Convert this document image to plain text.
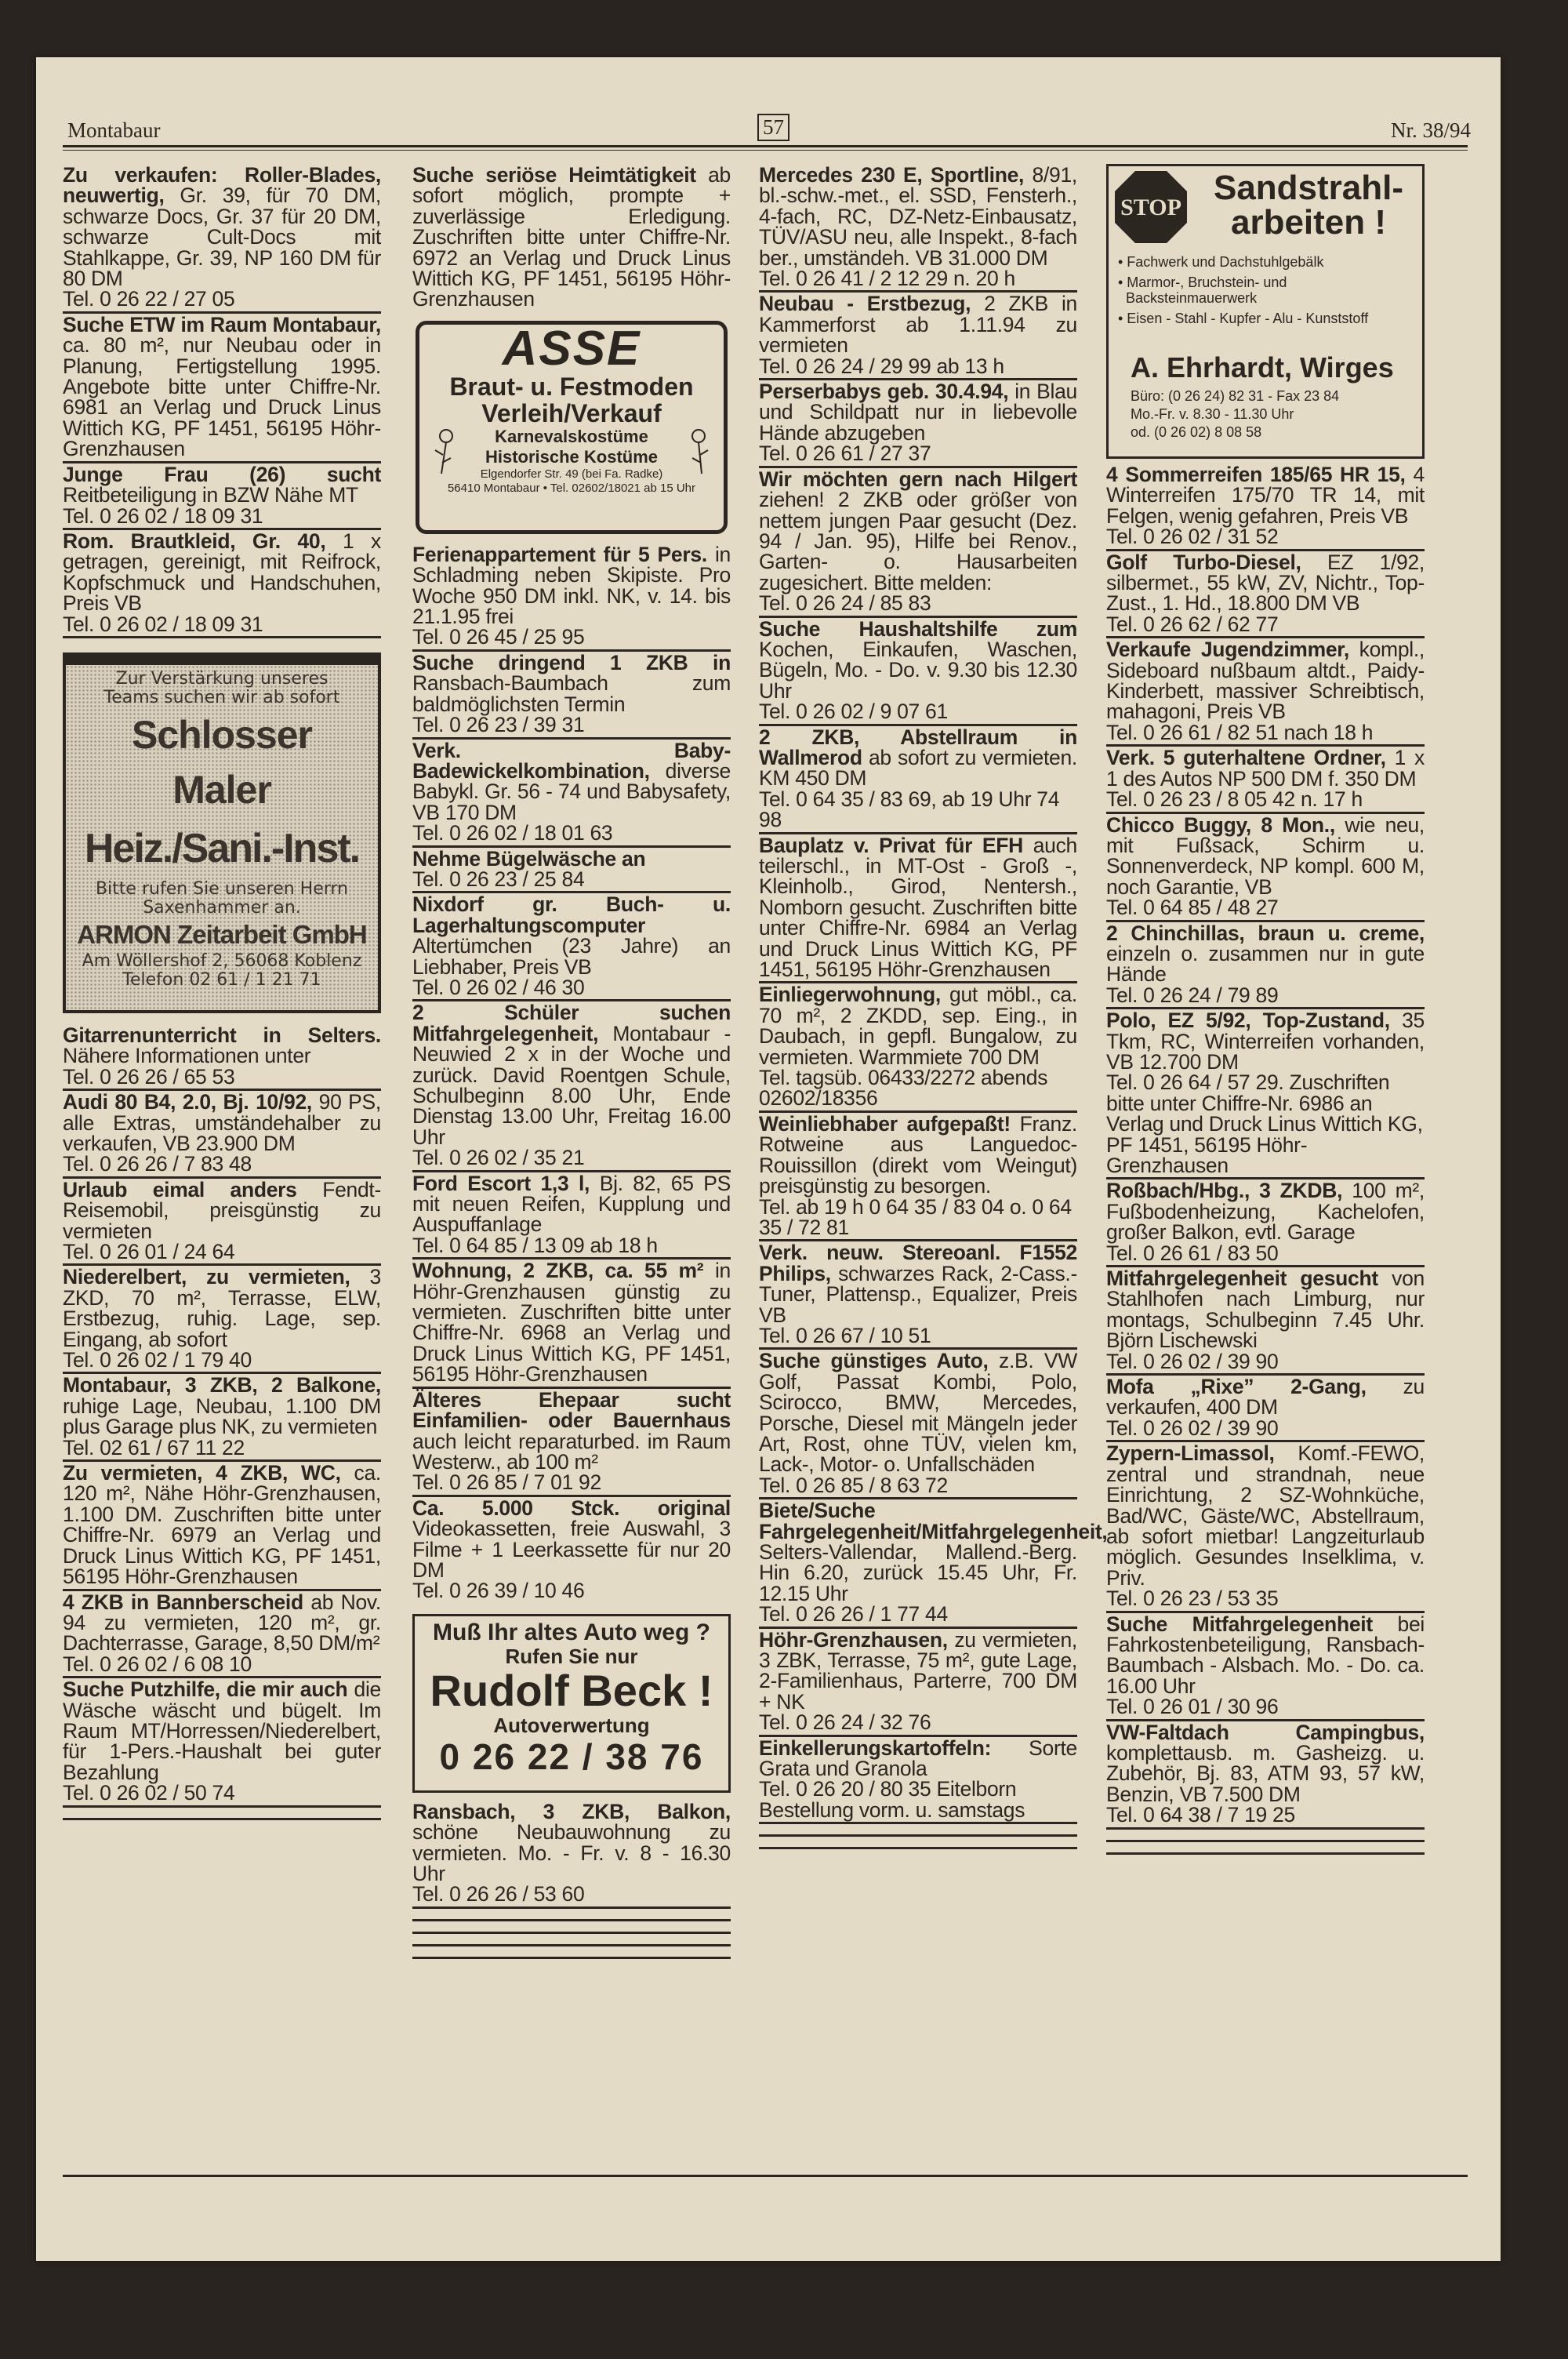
Montabaur	57	Nr. 38/94
Zu verkaufen: Roller-Blades, neuwertig, Gr. 39, für 70 DM, schwarze Docs, Gr. 37 für 20 DM, schwarze Cult-Docs mit Stahlkappe, Gr. 39, NP 160 DM für 80 DM
Tel. 0 26 22 / 27 05
Suche ETW im Raum Montabaur, ca. 80 m², nur Neubau oder in Planung, Fertigstellung 1995. Angebote bitte unter Chiffre-Nr. 6981 an Verlag und Druck Linus Wittich KG, PF 1451, 56195 Höhr-Grenzhausen
Junge Frau (26) sucht Reitbeteiligung in BZW Nähe MT
Tel. 0 26 02 / 18 09 31
Rom. Brautkleid, Gr. 40, 1 x getragen, gereinigt, mit Reifrock, Kopfschmuck und Handschuhen, Preis VB
Tel. 0 26 02 / 18 09 31
Zur Verstärkung unseres
Teams suchen wir ab sofort
Schlosser
Maler
Heiz./Sani.-Inst.
Bitte rufen Sie unseren Herrn
Saxenhammer an.
ARMON Zeitarbeit GmbH
Am Wöllershof 2, 56068 Koblenz
Telefon 02 61 / 1 21 71
Gitarrenunterricht in Selters. Nähere Informationen unter
Tel. 0 26 26 / 65 53
Audi 80 B4, 2.0, Bj. 10/92, 90 PS, alle Extras, umständehalber zu verkaufen, VB 23.900 DM
Tel. 0 26 26 / 7 83 48
Urlaub eimal anders Fendt-Reisemobil, preisgünstig zu vermieten
Tel. 0 26 01 / 24 64
Niederelbert, zu vermieten, 3 ZKD, 70 m², Terrasse, ELW, Erstbezug, ruhig. Lage, sep. Eingang, ab sofort
Tel. 0 26 02 / 1 79 40
Montabaur, 3 ZKB, 2 Balkone, ruhige Lage, Neubau, 1.100 DM plus Garage plus NK, zu vermieten
Tel. 02 61 / 67 11 22
Zu vermieten, 4 ZKB, WC, ca. 120 m², Nähe Höhr-Grenzhausen, 1.100 DM. Zuschriften bitte unter Chiffre-Nr. 6979 an Verlag und Druck Linus Wittich KG, PF 1451, 56195 Höhr-Grenzhausen
4 ZKB in Bannberscheid ab Nov. 94 zu vermieten, 120 m², gr. Dachterrasse, Garage, 8,50 DM/m²
Tel. 0 26 02 / 6 08 10
Suche Putzhilfe, die mir auch die Wäsche wäscht und bügelt. Im Raum MT/Horressen/Niederelbert, für 1-Pers.-Haushalt bei guter Bezahlung
Tel. 0 26 02 / 50 74
Suche seriöse Heimtätigkeit ab sofort möglich, prompte + zuverlässige Erledigung. Zuschriften bitte unter Chiffre-Nr. 6972 an Verlag und Druck Linus Wittich KG, PF 1451, 56195 Höhr-Grenzhausen
ASSE
Braut- u. Festmoden
Verleih/Verkauf
Karnevalskostüme
Historische Kostüme
Elgendorfer Str. 49 (bei Fa. Radke)
56410 Montabaur • Tel. 02602/18021 ab 15 Uhr
Ferienappartement für 5 Pers. in Schladming neben Skipiste. Pro Woche 950 DM inkl. NK, v. 14. bis 21.1.95 frei
Tel. 0 26 45 / 25 95
Suche dringend 1 ZKB in Ransbach-Baumbach zum baldmöglichsten Termin
Tel. 0 26 23 / 39 31
Verk. Baby-Badewickelkombination, diverse Babykl. Gr. 56 - 74 und Babysafety, VB 170 DM
Tel. 0 26 02 / 18 01 63
Nehme Bügelwäsche an
Tel. 0 26 23 / 25 84
Nixdorf gr. Buch- u. Lagerhaltungscomputer Altertümchen (23 Jahre) an Liebhaber, Preis VB
Tel. 0 26 02 / 46 30
2 Schüler suchen Mitfahrgelegenheit, Montabaur - Neuwied 2 x in der Woche und zurück. David Roentgen Schule, Schulbeginn 8.00 Uhr, Ende Dienstag 13.00 Uhr, Freitag 16.00 Uhr
Tel. 0 26 02 / 35 21
Ford Escort 1,3 l, Bj. 82, 65 PS mit neuen Reifen, Kupplung und Auspuffanlage
Tel. 0 64 85 / 13 09 ab 18 h
Wohnung, 2 ZKB, ca. 55 m² in Höhr-Grenzhausen günstig zu vermieten. Zuschriften bitte unter Chiffre-Nr. 6968 an Verlag und Druck Linus Wittich KG, PF 1451, 56195 Höhr-Grenzhausen
Älteres Ehepaar sucht Einfamilien- oder Bauernhaus auch leicht reparaturbed. im Raum Westerw., ab 100 m²
Tel. 0 26 85 / 7 01 92
Ca. 5.000 Stck. original Videokassetten, freie Auswahl, 3 Filme + 1 Leerkassette für nur 20 DM
Tel. 0 26 39 / 10 46
Muß Ihr altes Auto weg ?
Rufen Sie nur
Rudolf Beck !
Autoverwertung
0 26 22 / 38 76
Ransbach, 3 ZKB, Balkon, schöne Neubauwohnung zu vermieten. Mo. - Fr. v. 8 - 16.30 Uhr
Tel. 0 26 26 / 53 60
Mercedes 230 E, Sportline, 8/91, bl.-schw.-met., el. SSD, Fensterh., 4-fach, RC, DZ-Netz-Einbausatz, TÜV/ASU neu, alle Inspekt., 8-fach ber., umständeh. VB 31.000 DM
Tel. 0 26 41 / 2 12 29 n. 20 h
Neubau - Erstbezug, 2 ZKB in Kammerforst ab 1.11.94 zu vermieten
Tel. 0 26 24 / 29 99 ab 13 h
Perserbabys geb. 30.4.94, in Blau und Schildpatt nur in liebevolle Hände abzugeben
Tel. 0 26 61 / 27 37
Wir möchten gern nach Hilgert ziehen! 2 ZKB oder größer von nettem jungen Paar gesucht (Dez. 94 / Jan. 95), Hilfe bei Renov., Garten- o. Hausarbeiten zugesichert. Bitte melden:
Tel. 0 26 24 / 85 83
Suche Haushaltshilfe zum Kochen, Einkaufen, Waschen, Bügeln, Mo. - Do. v. 9.30 bis 12.30 Uhr
Tel. 0 26 02 / 9 07 61
2 ZKB, Abstellraum in Wallmerod ab sofort zu vermieten. KM 450 DM
Tel. 0 64 35 / 83 69, ab 19 Uhr 74 98
Bauplatz v. Privat für EFH auch teilerschl., in MT-Ost - Groß -, Kleinholb., Girod, Nentersh., Nomborn gesucht. Zuschriften bitte unter Chiffre-Nr. 6984 an Verlag und Druck Linus Wittich KG, PF 1451, 56195 Höhr-Grenzhausen
Einliegerwohnung, gut möbl., ca. 70 m², 2 ZKDD, sep. Eing., in Daubach, in gepfl. Bungalow, zu vermieten. Warmmiete 700 DM
Tel. tagsüb. 06433/2272 abends 02602/18356
Weinliebhaber aufgepaßt! Franz. Rotweine aus Languedoc-Rouissillon (direkt vom Weingut) preisgünstig zu besorgen.
Tel. ab 19 h 0 64 35 / 83 04 o. 0 64 35 / 72 81
Verk. neuw. Stereoanl. F1552 Philips, schwarzes Rack, 2-Cass.-Tuner, Plattensp., Equalizer, Preis VB
Tel. 0 26 67 / 10 51
Suche günstiges Auto, z.B. VW Golf, Passat Kombi, Polo, Scirocco, BMW, Mercedes, Porsche, Diesel mit Mängeln jeder Art, Rost, ohne TÜV, vielen km, Lack-, Motor- o. Unfallschäden
Tel. 0 26 85 / 8 63 72
Biete/Suche Fahrgelegenheit/Mitfahrgelegenheit, Selters-Vallendar, Mallend.-Berg. Hin 6.20, zurück 15.45 Uhr, Fr. 12.15 Uhr
Tel. 0 26 26 / 1 77 44
Höhr-Grenzhausen, zu vermieten, 3 ZBK, Terrasse, 75 m², gute Lage, 2-Familienhaus, Parterre, 700 DM + NK
Tel. 0 26 24 / 32 76
Einkellerungskartoffeln: Sorte Grata und Granola
Tel. 0 26 20 / 80 35 Eitelborn Bestellung vorm. u. samstags
STOP
Sandstrahl-
arbeiten !
• Fachwerk und Dachstuhlgebälk
• Marmor-, Bruchstein- und
Backsteinmauerwerk
• Eisen - Stahl - Kupfer - Alu - Kunststoff
A. Ehrhardt, Wirges
Büro: (0 26 24) 82 31 - Fax 23 84
Mo.-Fr. v. 8.30 - 11.30 Uhr
od. (0 26 02) 8 08 58
4 Sommerreifen 185/65 HR 15, 4 Winterreifen 175/70 TR 14, mit Felgen, wenig gefahren, Preis VB
Tel. 0 26 02 / 31 52
Golf Turbo-Diesel, EZ 1/92, silbermet., 55 kW, ZV, Nichtr., Top-Zust., 1. Hd., 18.800 DM VB
Tel. 0 26 62 / 62 77
Verkaufe Jugendzimmer, kompl., Sideboard nußbaum altdt., Paidy-Kinderbett, massiver Schreibtisch, mahagoni, Preis VB
Tel. 0 26 61 / 82 51 nach 18 h
Verk. 5 guterhaltene Ordner, 1 x 1 des Autos NP 500 DM f. 350 DM
Tel. 0 26 23 / 8 05 42 n. 17 h
Chicco Buggy, 8 Mon., wie neu, mit Fußsack, Schirm u. Sonnenverdeck, NP kompl. 600 M, noch Garantie, VB
Tel. 0 64 85 / 48 27
2 Chinchillas, braun u. creme, einzeln o. zusammen nur in gute Hände
Tel. 0 26 24 / 79 89
Polo, EZ 5/92, Top-Zustand, 35 Tkm, RC, Winterreifen vorhanden, VB 12.700 DM
Tel. 0 26 64 / 57 29. Zuschriften bitte unter Chiffre-Nr. 6986 an Verlag und Druck Linus Wittich KG, PF 1451, 56195 Höhr-Grenzhausen
Roßbach/Hbg., 3 ZKDB, 100 m², Fußbodenheizung, Kachelofen, großer Balkon, evtl. Garage
Tel. 0 26 61 / 83 50
Mitfahrgelegenheit gesucht von Stahlhofen nach Limburg, nur montags, Schulbeginn 7.45 Uhr. Björn Lischewski
Tel. 0 26 02 / 39 90
Mofa „Rixe” 2-Gang, zu verkaufen, 400 DM
Tel. 0 26 02 / 39 90
Zypern-Limassol, Komf.-FEWO, zentral und strandnah, neue Einrichtung, 2 SZ-Wohnküche, Bad/WC, Gäste/WC, Abstellraum, ab sofort mietbar! Langzeiturlaub möglich. Gesundes Inselklima, v. Priv.
Tel. 0 26 23 / 53 35
Suche Mitfahrgelegenheit bei Fahrkostenbeteiligung, Ransbach-Baumbach - Alsbach. Mo. - Do. ca. 16.00 Uhr
Tel. 0 26 01 / 30 96
VW-Faltdach Campingbus, komplettausb. m. Gasheizg. u. Zubehör, Bj. 83, ATM 93, 57 kW, Benzin, VB 7.500 DM
Tel. 0 64 38 / 7 19 25
